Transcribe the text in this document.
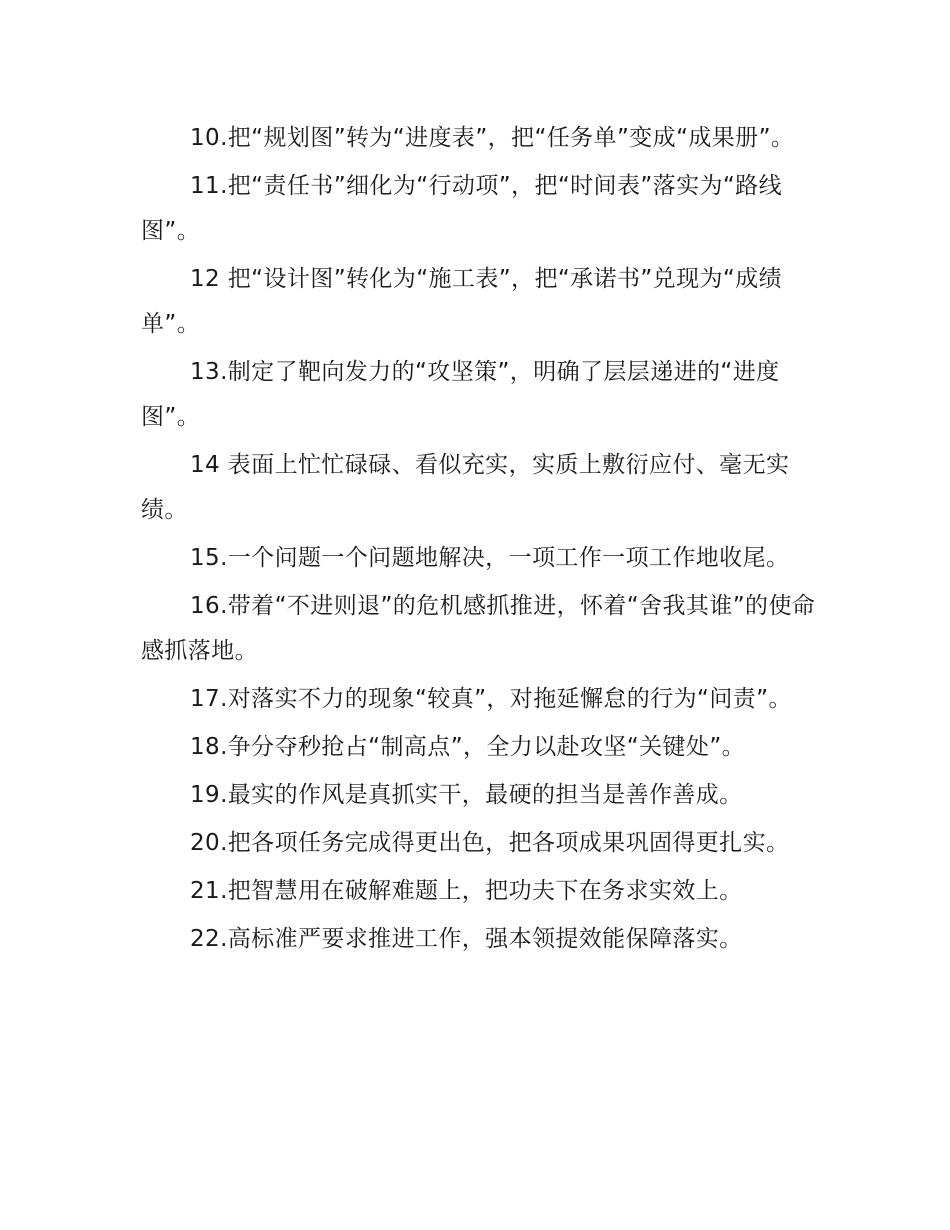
10.把“规划图”转为“进度表”，把“任务单”变成“成果册”。

11.把“责任书”细化为“行动项”，把“时间表”落实为“路线图”。

12 把“设计图”转化为“施工表”，把“承诺书”兑现为“成绩单”。

13.制定了靶向发力的“攻坚策”，明确了层层递进的“进度图”。

14 表面上忙忙碌碌、看似充实，实质上敷衍应付、毫无实绩。

15.一个问题一个问题地解决，一项工作一项工作地收尾。

16.带着“不进则退”的危机感抓推进，怀着“舍我其谁”的使命感抓落地。

17.对落实不力的现象“较真”，对拖延懈怠的行为“问责”。

18.争分夺秒抢占“制高点”，全力以赴攻坚“关键处”。

19.最实的作风是真抓实干，最硬的担当是善作善成。

20.把各项任务完成得更出色，把各项成果巩固得更扎实。

21.把智慧用在破解难题上，把功夫下在务求实效上。

22.高标准严要求推进工作，强本领提效能保障落实。
